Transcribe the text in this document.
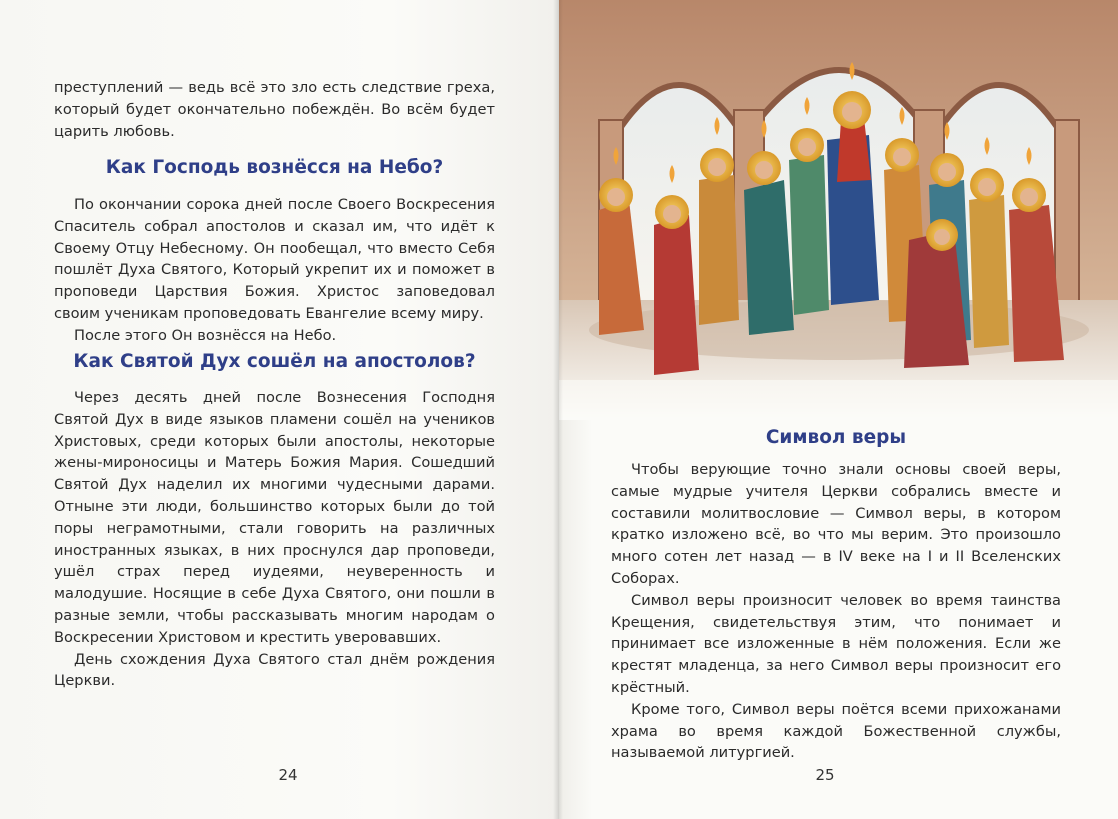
преступлений — ведь всё это зло есть следствие греха, который будет окончательно побеждён. Во всём будет царить любовь.

Как Господь вознёсся на Небо?

По окончании сорока дней после Своего Воскресения Спаситель собрал апостолов и сказал им, что идёт к Своему Отцу Небесному. Он пообещал, что вместо Себя пошлёт Духа Святого, Который укрепит их и поможет в проповеди Царствия Божия. Христос заповедовал своим ученикам проповедовать Евангелие всему миру.

После этого Он вознёсся на Небо.

Как Святой Дух сошёл на апостолов?

Через десять дней после Вознесения Господня Святой Дух в виде языков пламени сошёл на учеников Христовых, среди которых были апостолы, некоторые жены-мироносицы и Матерь Божия Мария. Сошедший Святой Дух наделил их многими чудесными дарами. Отныне эти люди, большинство которых были до той поры неграмотными, стали говорить на различных иностранных языках, в них проснулся дар проповеди, ушёл страх перед иудеями, неуверенность и малодушие. Носящие в себе Духа Святого, они пошли в разные земли, чтобы рассказывать многим народам о Воскресении Христовом и крестить уверовавших.

День схождения Духа Святого стал днём рождения Церкви.

24
Символ веры

Чтобы верующие точно знали основы своей веры, самые мудрые учителя Церкви собрались вместе и составили молитвословие — Символ веры, в котором кратко изложено всё, во что мы верим. Это произошло много сотен лет назад — в IV веке на I и II Вселенских Соборах.

Символ веры произносит человек во время таинства Крещения, свидетельствуя этим, что понимает и принимает все изложенные в нём положения. Если же крестят младенца, за него Символ веры произносит его крёстный.

Кроме того, Символ веры поётся всеми прихожанами храма во время каждой Божественной службы, называемой литургией.

25
